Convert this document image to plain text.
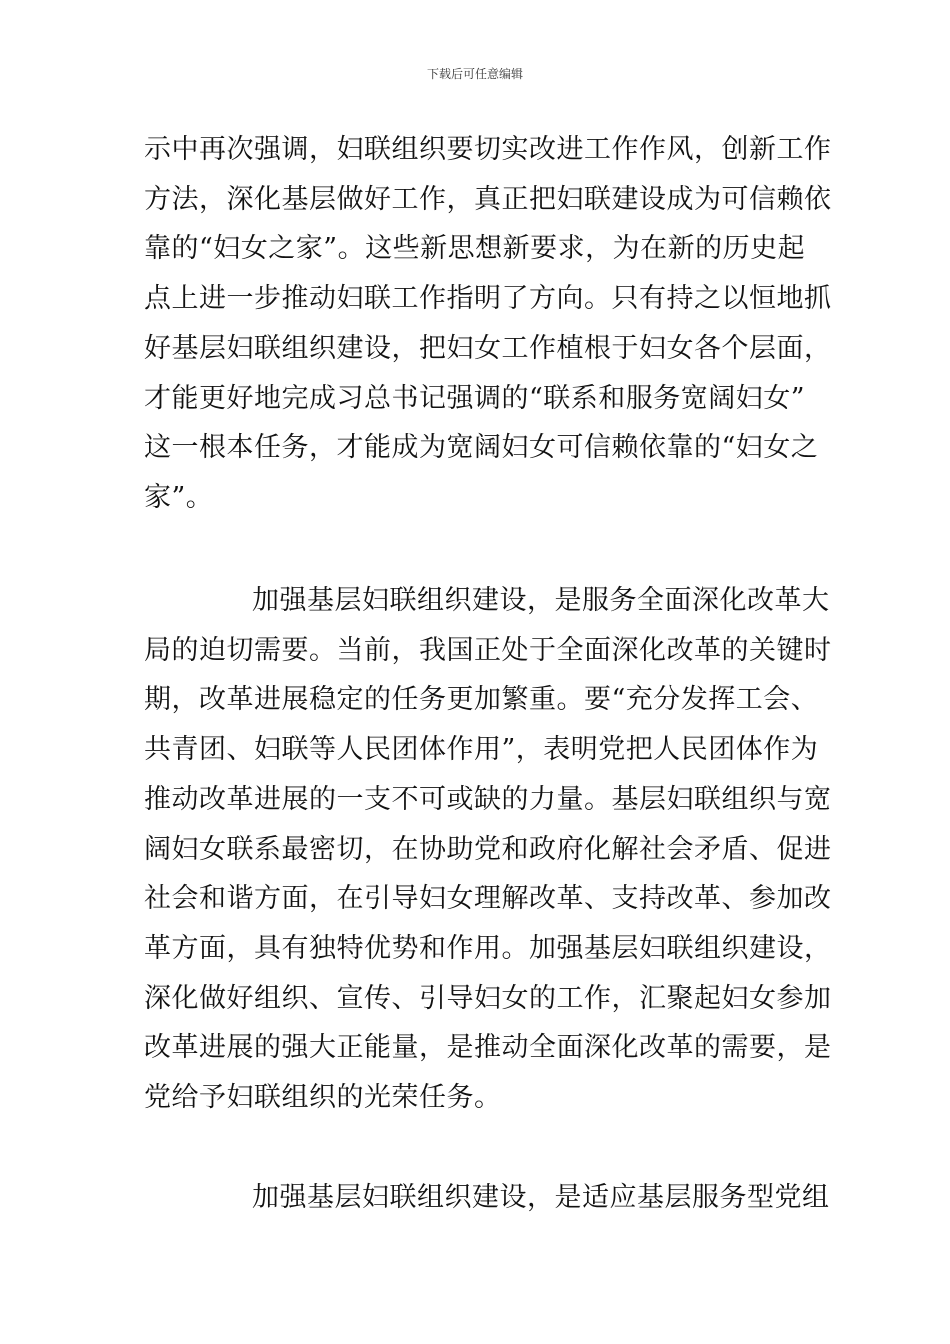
下载后可任意编辑

示中再次强调，妇联组织要切实改进工作作风，创新工作
方法，深化基层做好工作，真正把妇联建设成为可信赖依
靠的“妇女之家”。这些新思想新要求，为在新的历史起
点上进一步推动妇联工作指明了方向。只有持之以恒地抓
好基层妇联组织建设，把妇女工作植根于妇女各个层面，
才能更好地完成习总书记强调的“联系和服务宽阔妇女”
这一根本任务，才能成为宽阔妇女可信赖依靠的“妇女之
家”。

加强基层妇联组织建设，是服务全面深化改革大
局的迫切需要。当前，我国正处于全面深化改革的关键时
期，改革进展稳定的任务更加繁重。要“充分发挥工会、
共青团、妇联等人民团体作用”，表明党把人民团体作为
推动改革进展的一支不可或缺的力量。基层妇联组织与宽
阔妇女联系最密切，在协助党和政府化解社会矛盾、促进
社会和谐方面，在引导妇女理解改革、支持改革、参加改
革方面，具有独特优势和作用。加强基层妇联组织建设，
深化做好组织、宣传、引导妇女的工作，汇聚起妇女参加
改革进展的强大正能量，是推动全面深化改革的需要，是
党给予妇联组织的光荣任务。

加强基层妇联组织建设，是适应基层服务型党组
